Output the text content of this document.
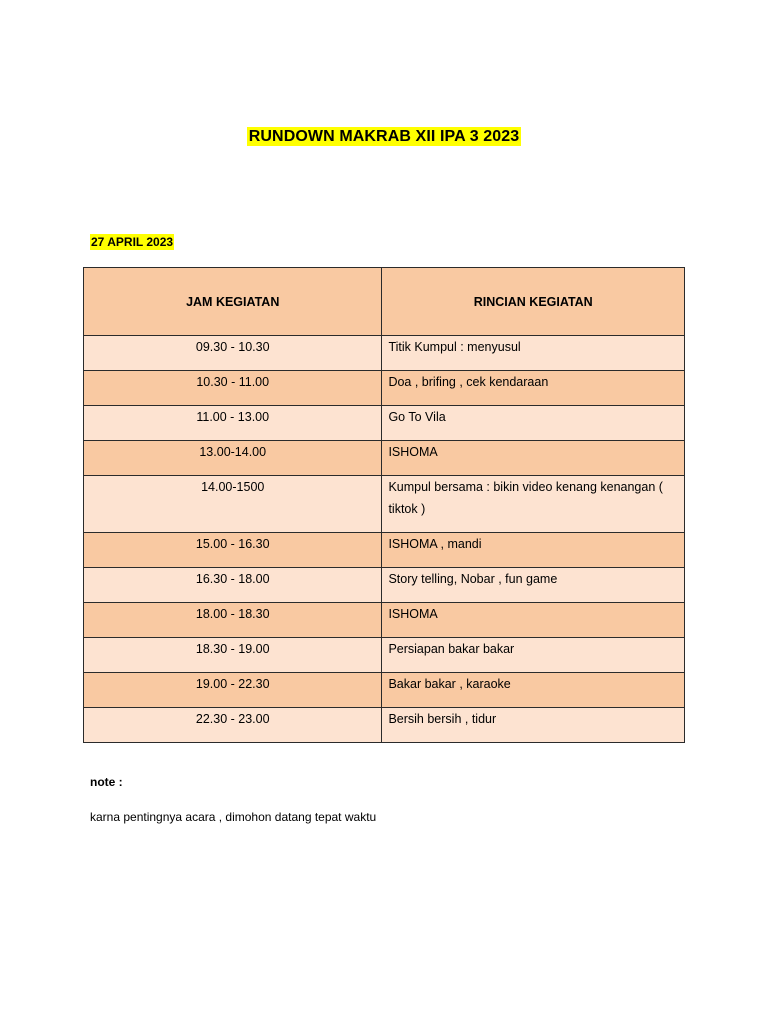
RUNDOWN MAKRAB XII IPA 3 2023
27 APRIL 2023
JAM KEGIATAN	RINCIAN KEGIATAN
09.30 - 10.30	Titik Kumpul : menyusul
10.30 - 11.00	Doa , brifing , cek kendaraan
11.00 - 13.00	Go To Vila
13.00-14.00	ISHOMA
14.00-1500	Kumpul bersama : bikin video kenang kenangan ( tiktok )
15.00 - 16.30	ISHOMA , mandi
16.30 - 18.00	Story telling, Nobar , fun game
18.00 - 18.30	ISHOMA
18.30 - 19.00	Persiapan bakar bakar
19.00 - 22.30	Bakar bakar , karaoke
22.30 - 23.00	Bersih bersih , tidur
note :
karna pentingnya acara , dimohon datang tepat waktu
